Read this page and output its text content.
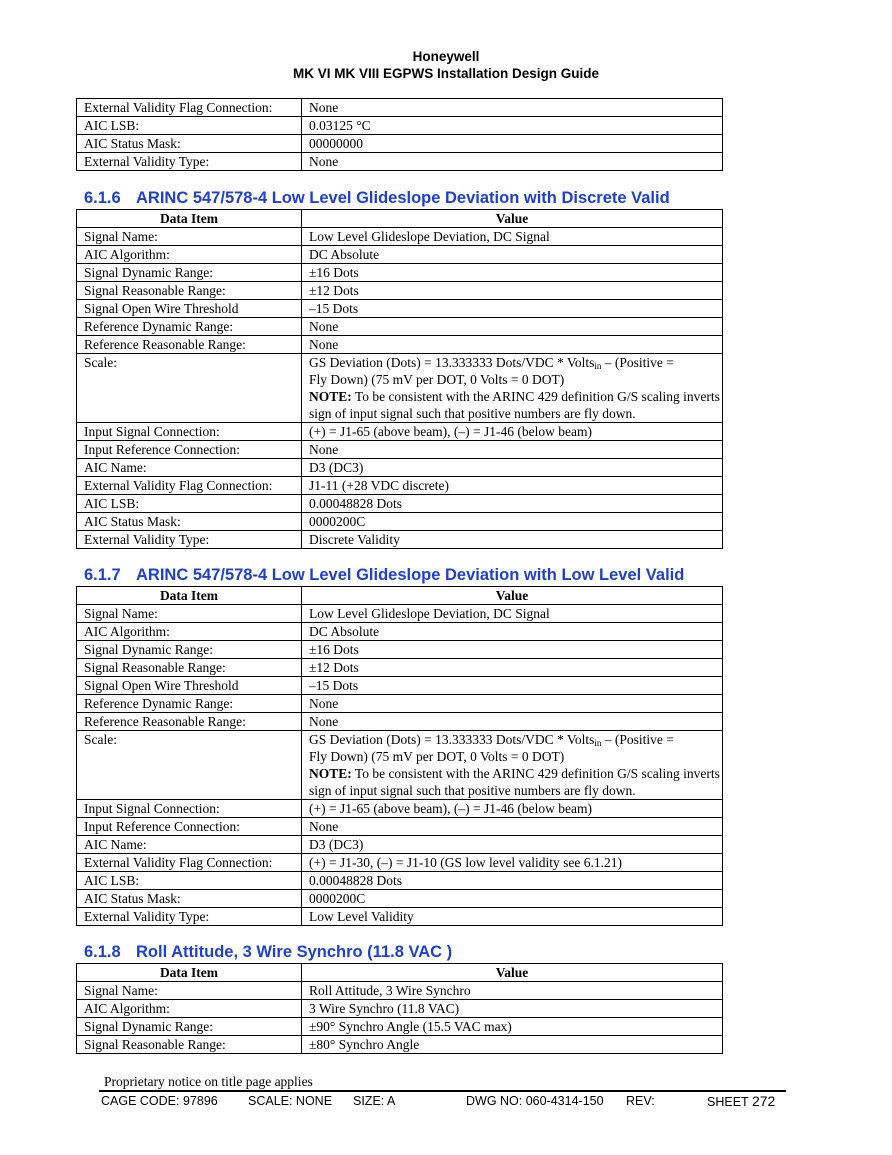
Honeywell
MK VI MK VIII EGPWS Installation Design Guide
External Validity Flag Connection:	None
AIC LSB:	0.03125 °C
AIC Status Mask:	00000000
External Validity Type:	None
6.1.6 ARINC 547/578-4 Low Level Glideslope Deviation with Discrete Valid
Data Item	Value
Signal Name:	Low Level Glideslope Deviation, DC Signal
AIC Algorithm:	DC Absolute
Signal Dynamic Range:	±16 Dots
Signal Reasonable Range:	±12 Dots
Signal Open Wire Threshold	–15 Dots
Reference Dynamic Range:	None
Reference Reasonable Range:	None
Scale:	GS Deviation (Dots) = 13.333333 Dots/VDC * Volts$_{in}$ – (Positive =
Fly Down) (75 mV per DOT, 0 Volts = 0 DOT)
NOTE: To be consistent with the ARINC 429 definition G/S scaling inverts sign of input signal such that positive numbers are fly down.
Input Signal Connection:	(+) = J1-65 (above beam), (–) = J1-46 (below beam)
Input Reference Connection:	None
AIC Name:	D3 (DC3)
External Validity Flag Connection:	J1-11 (+28 VDC discrete)
AIC LSB:	0.00048828 Dots
AIC Status Mask:	0000200C
External Validity Type:	Discrete Validity
6.1.7 ARINC 547/578-4 Low Level Glideslope Deviation with Low Level Valid
Data Item	Value
Signal Name:	Low Level Glideslope Deviation, DC Signal
AIC Algorithm:	DC Absolute
Signal Dynamic Range:	±16 Dots
Signal Reasonable Range:	±12 Dots
Signal Open Wire Threshold	–15 Dots
Reference Dynamic Range:	None
Reference Reasonable Range:	None
Scale:	GS Deviation (Dots) = 13.333333 Dots/VDC * Volts$_{in}$ – (Positive =
Fly Down) (75 mV per DOT, 0 Volts = 0 DOT)
NOTE: To be consistent with the ARINC 429 definition G/S scaling inverts sign of input signal such that positive numbers are fly down.
Input Signal Connection:	(+) = J1-65 (above beam), (–) = J1-46 (below beam)
Input Reference Connection:	None
AIC Name:	D3 (DC3)
External Validity Flag Connection:	(+) = J1-30, (–) = J1-10 (GS low level validity see 6.1.21)
AIC LSB:	0.00048828 Dots
AIC Status Mask:	0000200C
External Validity Type:	Low Level Validity
6.1.8 Roll Attitude, 3 Wire Synchro (11.8 VAC )
Data Item	Value
Signal Name:	Roll Attitude, 3 Wire Synchro
AIC Algorithm:	3 Wire Synchro (11.8 VAC)
Signal Dynamic Range:	±90° Synchro Angle (15.5 VAC max)
Signal Reasonable Range:	±80° Synchro Angle
Proprietary notice on title page applies
CAGE CODE: 97896 SCALE: NONE SIZE: A	DWG NO: 060-4314-150 REV:	SHEET 272
